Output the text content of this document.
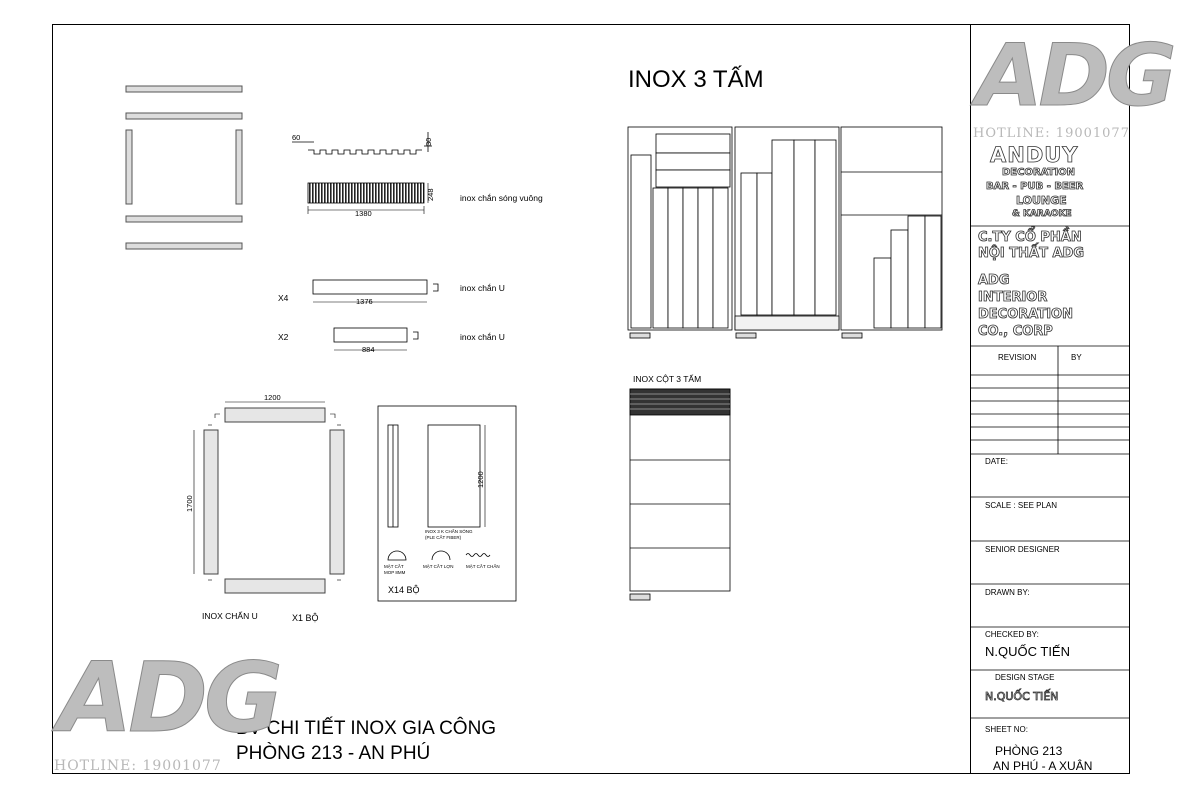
INOX 3 TẤM
60	30
248
1380
inox chắn sóng vuông
X4	1376
inox chắn U
X2
884
inox chắn U
1200
1700
INOX CHẤN U	X1 BỘ
1200
INOX 3 K CHẤN SÓNG
(PLE CẮT FIBER)
MẶT CẮT
MOP 8MM
MẶT CẮT LỢN	MẶT CẮT CHẤN
X14 BỘ
INOX CỘT 3 TẤM
BV CHI TIẾT INOX GIA CÔNG
PHÒNG 213 - AN PHÚ
ADG
HOTLINE: 19001077
ADG
HOTLINE: 19001077
ANDUY
DECORATION
BAR - PUB - BEER
LOUNGE
& KARAOKE
C.TY CỔ PHẦN
NỘI THẤT ADG
ADG
INTERIOR
DECORATION
CO., CORP
REVISION	BY
DATE:
SCALE : SEE PLAN
SENIOR DESIGNER
DRAWN BY:
CHECKED BY:
N.QUỐC TIẾN
DESIGN STAGE
N.QUỐC TIẾN
SHEET NO:
PHÒNG 213
AN PHÚ - A XUÂN
